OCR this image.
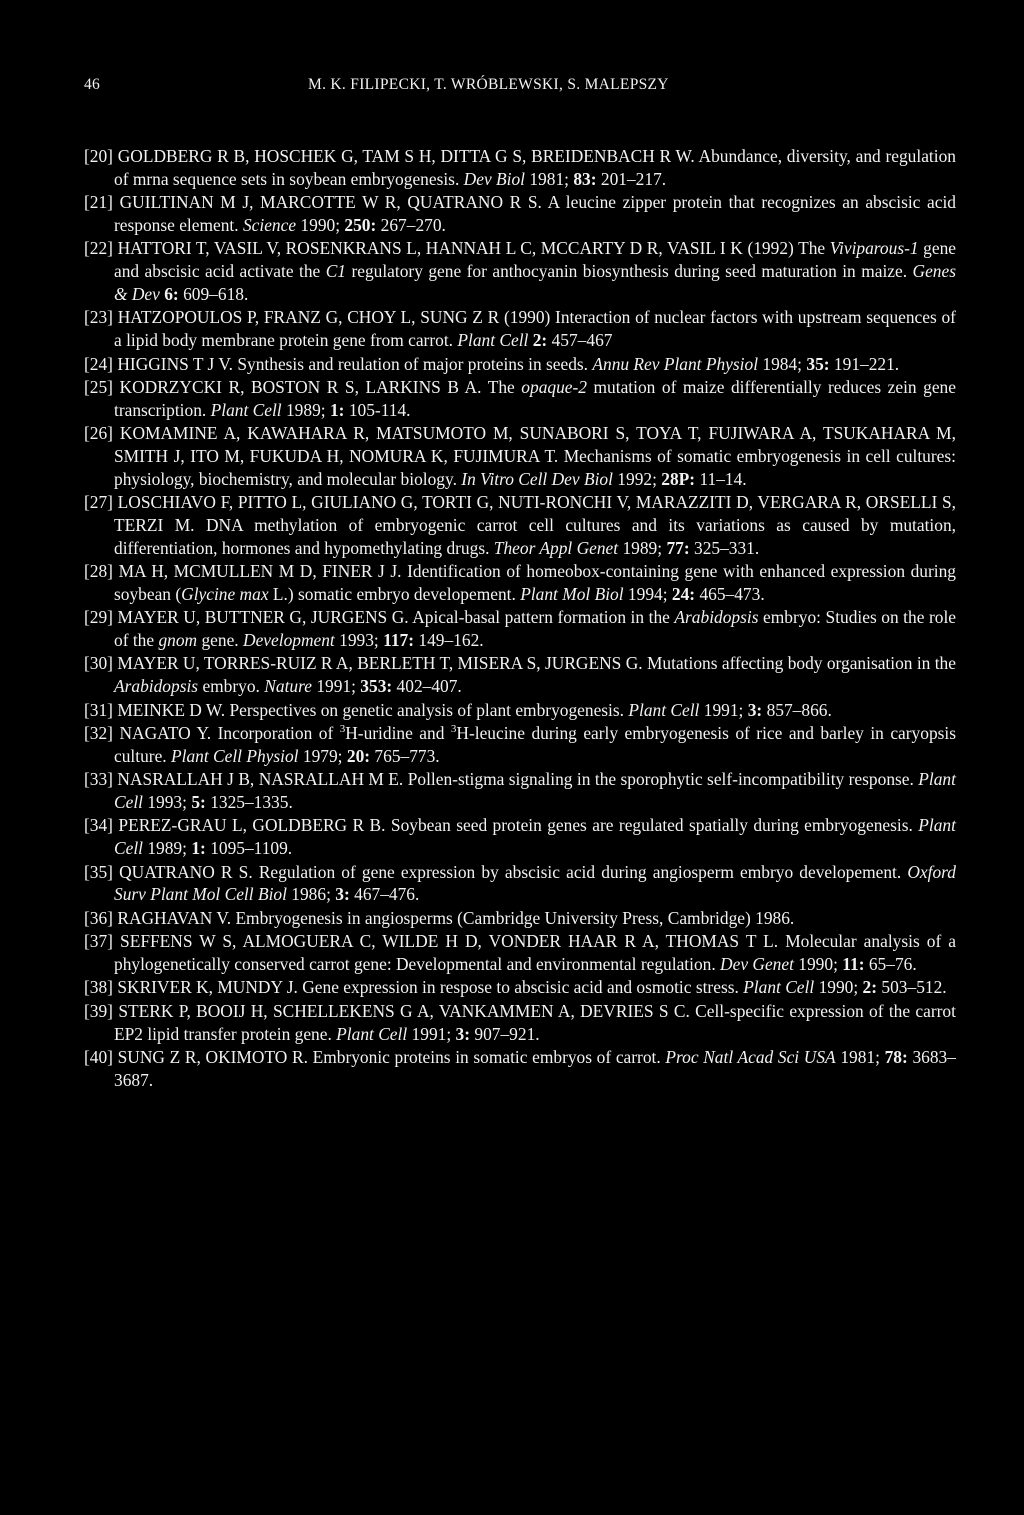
46	M. K. FILIPECKI, T. WRÓBLEWSKI, S. MALEPSZY

[20] GOLDBERG R B, HOSCHEK G, TAM S H, DITTA G S, BREIDENBACH R W. Abundance, diversity, and regulation of mrna sequence sets in soybean embryogenesis. Dev Biol 1981; 83: 201–217.

[21] GUILTINAN M J, MARCOTTE W R, QUATRANO R S. A leucine zipper protein that recognizes an abscisic acid response element. Science 1990; 250: 267–270.

[22] HATTORI T, VASIL V, ROSENKRANS L, HANNAH L C, MCCARTY D R, VASIL I K (1992) The Viviparous-1 gene and abscisic acid activate the C1 regulatory gene for anthocyanin biosynthesis during seed maturation in maize. Genes & Dev 6: 609–618.

[23] HATZOPOULOS P, FRANZ G, CHOY L, SUNG Z R (1990) Interaction of nuclear factors with upstream sequences of a lipid body membrane protein gene from carrot. Plant Cell 2: 457–467

[24] HIGGINS T J V. Synthesis and reulation of major proteins in seeds. Annu Rev Plant Physiol 1984; 35: 191–221.

[25] KODRZYCKI R, BOSTON R S, LARKINS B A. The opaque-2 mutation of maize differentially reduces zein gene transcription. Plant Cell 1989; 1: 105-114.

[26] KOMAMINE A, KAWAHARA R, MATSUMOTO M, SUNABORI S, TOYA T, FUJIWARA A, TSUKAHARA M, SMITH J, ITO M, FUKUDA H, NOMURA K, FUJIMURA T. Mechanisms of somatic embryogenesis in cell cultures: physiology, biochemistry, and molecular biology. In Vitro Cell Dev Biol 1992; 28P: 11–14.

[27] LOSCHIAVO F, PITTO L, GIULIANO G, TORTI G, NUTI-RONCHI V, MARAZZITI D, VERGARA R, ORSELLI S, TERZI M. DNA methylation of embryogenic carrot cell cultures and its variations as caused by mutation, differentiation, hormones and hypomethylating drugs. Theor Appl Genet 1989; 77: 325–331.

[28] MA H, MCMULLEN M D, FINER J J. Identification of homeobox-containing gene with enhanced expression during soybean (Glycine max L.) somatic embryo developement. Plant Mol Biol 1994; 24: 465–473.

[29] MAYER U, BUTTNER G, JURGENS G. Apical-basal pattern formation in the Arabidopsis embryo: Studies on the role of the gnom gene. Development 1993; 117: 149–162.

[30] MAYER U, TORRES-RUIZ R A, BERLETH T, MISERA S, JURGENS G. Mutations affecting body organisation in the Arabidopsis embryo. Nature 1991; 353: 402–407.

[31] MEINKE D W. Perspectives on genetic analysis of plant embryogenesis. Plant Cell 1991; 3: 857–866.

[32] NAGATO Y. Incorporation of $^3$H-uridine and $^3$H-leucine during early embryogenesis of rice and barley in caryopsis culture. Plant Cell Physiol 1979; 20: 765–773.

[33] NASRALLAH J B, NASRALLAH M E. Pollen-stigma signaling in the sporophytic self-incompatibility response. Plant Cell 1993; 5: 1325–1335.

[34] PEREZ-GRAU L, GOLDBERG R B. Soybean seed protein genes are regulated spatially during embryogenesis. Plant Cell 1989; 1: 1095–1109.

[35] QUATRANO R S. Regulation of gene expression by abscisic acid during angiosperm embryo developement. Oxford Surv Plant Mol Cell Biol 1986; 3: 467–476.

[36] RAGHAVAN V. Embryogenesis in angiosperms (Cambridge University Press, Cambridge) 1986.

[37] SEFFENS W S, ALMOGUERA C, WILDE H D, VONDER HAAR R A, THOMAS T L. Molecular analysis of a phylogenetically conserved carrot gene: Developmental and environmental regulation. Dev Genet 1990; 11: 65–76.

[38] SKRIVER K, MUNDY J. Gene expression in respose to abscisic acid and osmotic stress. Plant Cell 1990; 2: 503–512.

[39] STERK P, BOOIJ H, SCHELLEKENS G A, VANKAMMEN A, DEVRIES S C. Cell-specific expression of the carrot EP2 lipid transfer protein gene. Plant Cell 1991; 3: 907–921.

[40] SUNG Z R, OKIMOTO R. Embryonic proteins in somatic embryos of carrot. Proc Natl Acad Sci USA 1981; 78: 3683–3687.
